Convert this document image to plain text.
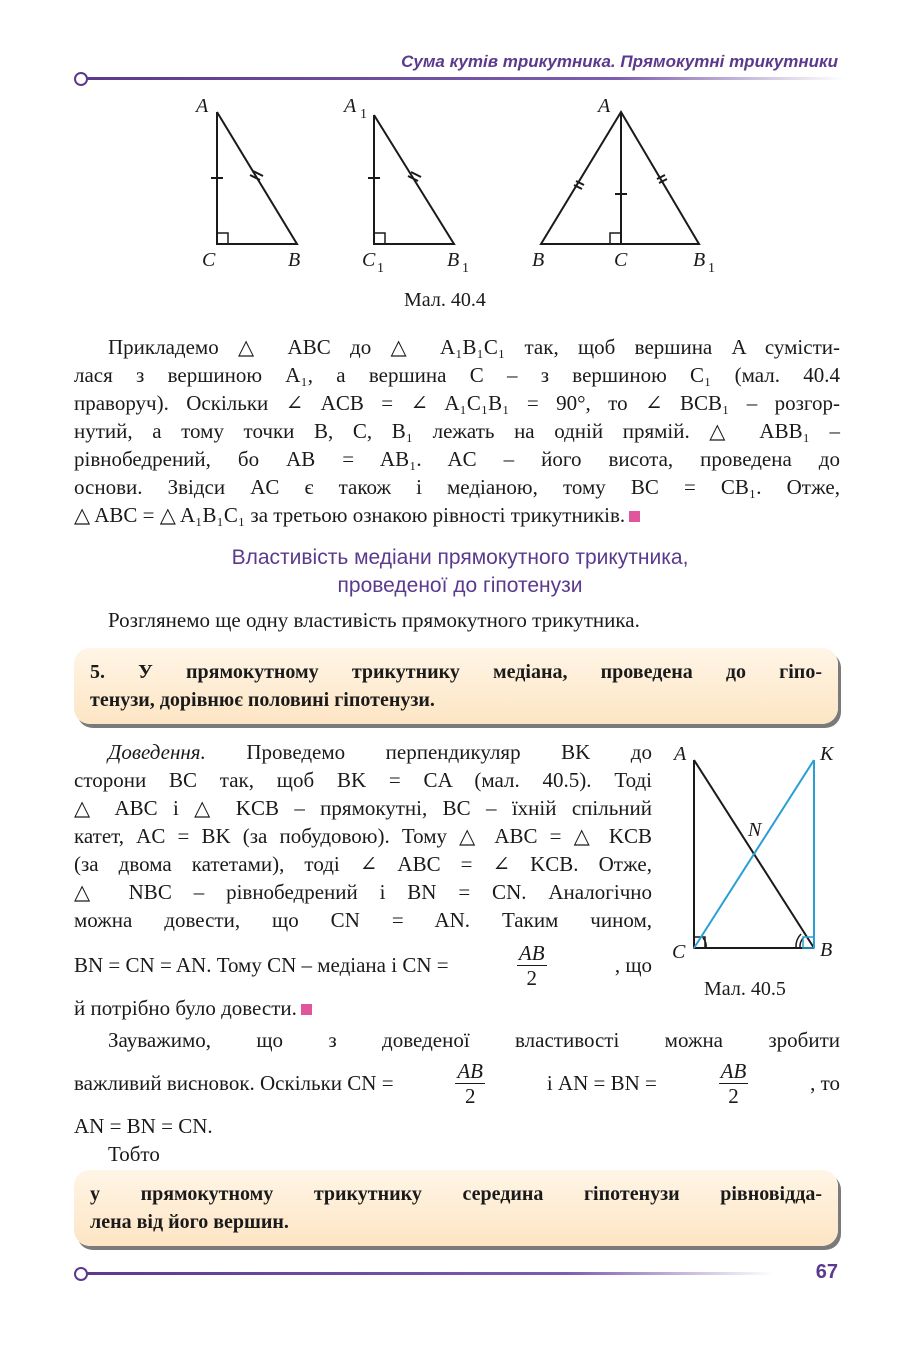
Сума кутів трикутника. Прямокутні трикутники
A
C	B
A 1
C 1	B 1
A
B	C	B 1
Мал. 40.4
Прикладемо △ ABC до △ A₁B₁C₁ так, щоб вершина A сумісти-
лася з вершиною A₁, а вершина C – з вершиною C₁ (мал. 40.4
праворуч). Оскільки ∠ ACB = ∠ A₁C₁B₁ = 90°, то ∠ BCB₁ – розгор-
нутий, а тому точки B, C, B₁ лежать на одній прямій. △ ABB₁ –
рівнобедрений, бо AB = AB₁. AC – його висота, проведена до
основи. Звідси AC є також і медіаною, тому BC = CB₁. Отже,
△ ABC = △ A₁B₁C₁ за третьою ознакою рівності трикутників.
Властивість медіани прямокутного трикутника,
проведеної до гіпотенузи
Розглянемо ще одну властивість прямокутного трикутника.
5. У прямокутному трикутнику медіана, проведена до гіпо-
тенузи, дорівнює половині гіпотенузи.
Доведення. Проведемо перпендикуляр BK до
сторони BC так, щоб BK = CA (мал. 40.5). Тоді
△ ABC і △ KCB – прямокутні, BC – їхній спільний
катет, AC = BK (за побудовою). Тому △ ABC = △ KCB
(за двома катетами), тоді ∠ ABC = ∠ KCB. Отже,
△ NBC – рівнобедрений і BN = CN. Аналогічно
можна довести, що CN = AN. Таким чином,
BN = CN = AN. Тому CN – медіана і CN =	$\frac{AB}{2}$	, що
й потрібно було довести.
A	K
N
C	B
Мал. 40.5
Зауважимо, що з доведеної властивості можна зробити
важливий висновок. Оскільки CN =	$\frac{AB}{2}$	і AN = BN =	$\frac{AB}{2}$	, то
AN = BN = CN.
Тобто
у прямокутному трикутнику середина гіпотенузи рівновідда-
лена від його вершин.
67
